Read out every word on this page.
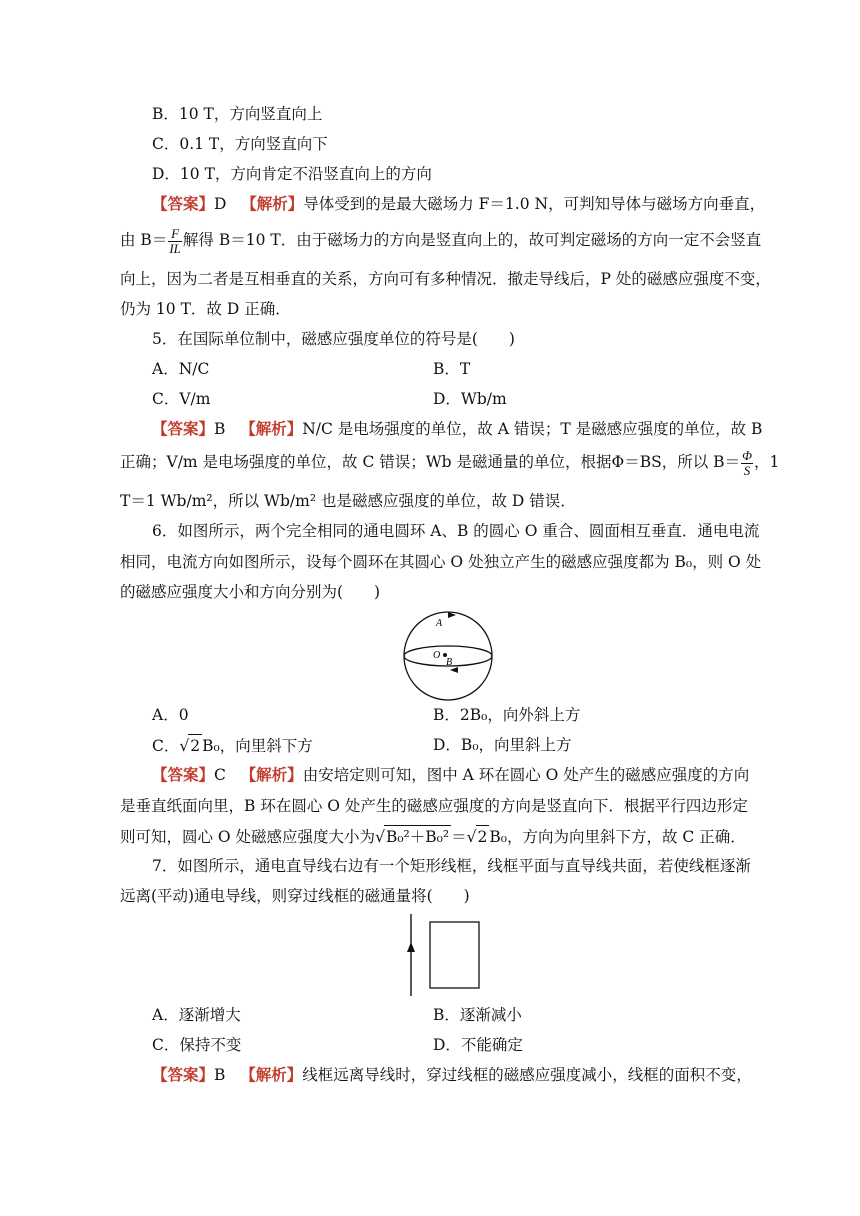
B．10 T，方向竖直向上
C．0.1 T，方向竖直向下
D．10 T，方向肯定不沿竖直向上的方向
【答案】D 【解析】导体受到的是最大磁场力 F＝1.0 N，可判知导体与磁场方向垂直，
由 $B= \frac{F}{IL}$ 解得 B＝10 T．由于磁场力的方向是竖直向上的，故可判定磁场的方向一定不会竖直
向上，因为二者是互相垂直的关系，方向可有多种情况．撤走导线后，P 处的磁感应强度不变，
仍为 10 T．故 D 正确．
5．在国际单位制中，磁感应强度单位的符号是(　　)
A．N/C	B．T
C．V/m	D．Wb/m
【答案】B 【解析】N/C 是电场强度的单位，故 A 错误；T 是磁感应强度的单位，故 B
正确；V/m 是电场强度的单位，故 C 错误；Wb 是磁通量的单位，根据Φ＝BS，所以 $B= \frac{\Phi}{S}$ ，1
T＝1 Wb/m²，所以 Wb/m² 也是磁感应强度的单位，故 D 错误．
6．如图所示，两个完全相同的通电圆环 A、B 的圆心 O 重合、圆面相互垂直．通电电流
相同，电流方向如图所示，设每个圆环在其圆心 O 处独立产生的磁感应强度都为 B₀，则 O 处
的磁感应强度大小和方向分别为(　　)
A
O
B
A．0	B．2B₀，向外斜上方
C．√2 B₀，向里斜下方	D．B₀，向里斜上方
【答案】C 【解析】由安培定则可知，图中 A 环在圆心 O 处产生的磁感应强度的方向
是垂直纸面向里，B 环在圆心 O 处产生的磁感应强度的方向是竖直向下．根据平行四边形定
则可知，圆心 O 处磁感应强度大小为√B₀²＋B₀² ＝√2 B₀，方向为向里斜下方，故 C 正确．
7．如图所示，通电直导线右边有一个矩形线框，线框平面与直导线共面，若使线框逐渐
远离(平动)通电导线，则穿过线框的磁通量将(　　)
A．逐渐增大	B．逐渐减小
C．保持不变	D．不能确定
【答案】B 【解析】线框远离导线时，穿过线框的磁感应强度减小，线框的面积不变，
